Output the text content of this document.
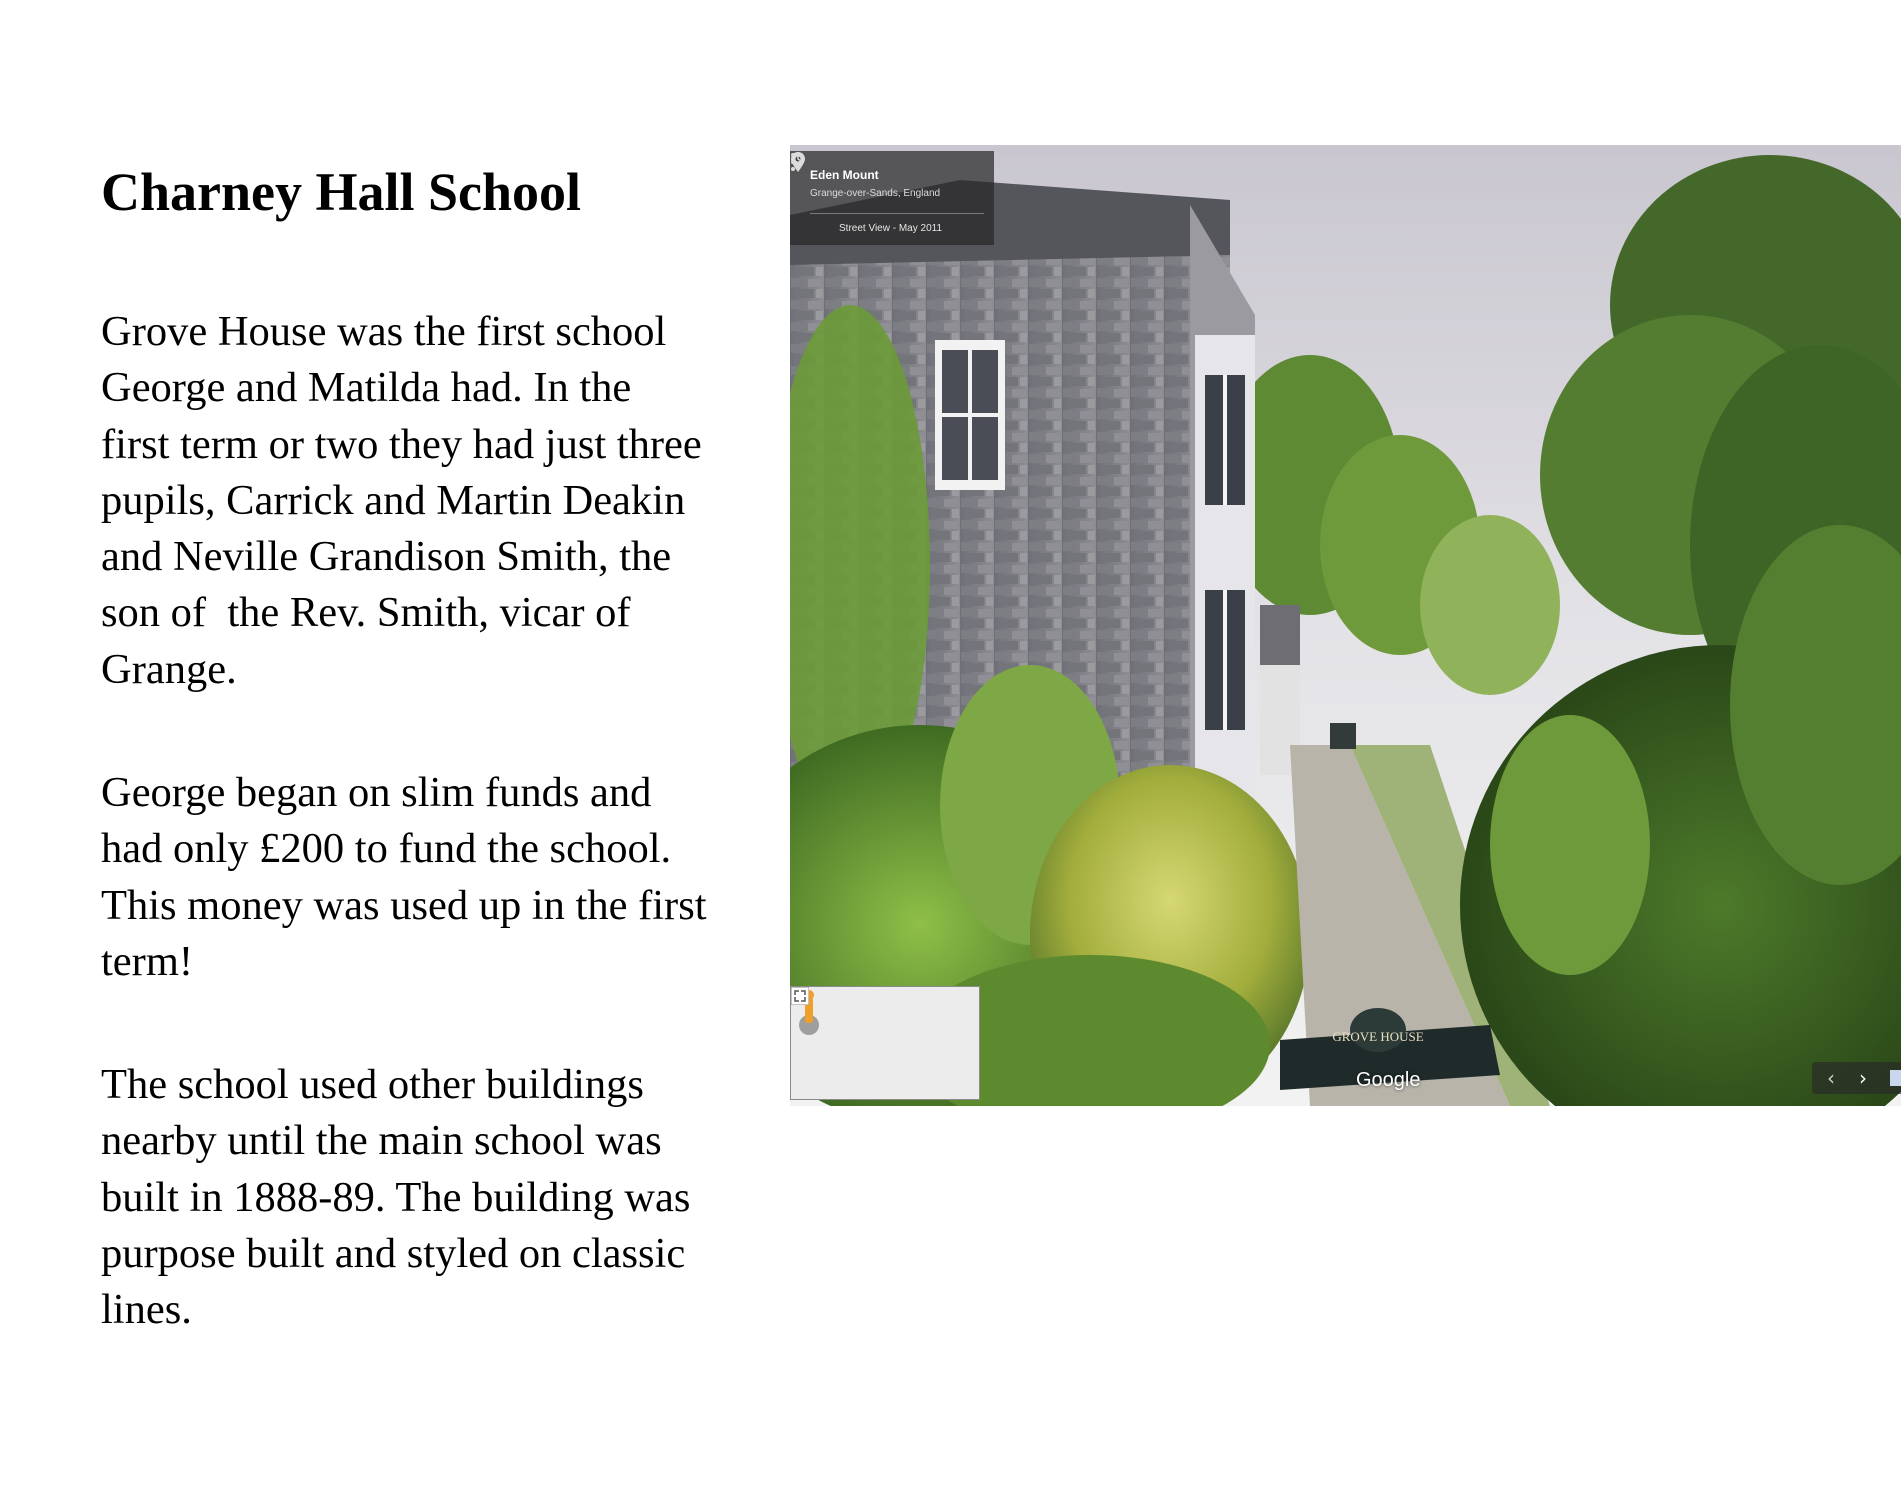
Charney Hall School
Grove House was the first school
George and Matilda had. In the
first term or two they had just three
pupils, Carrick and Martin Deakin
and Neville Grandison Smith, the
son of  the Rev. Smith, vicar of
Grange.
George began on slim funds and
had only £200 to fund the school.
This money was used up in the first
term!
The school used other buildings
nearby until the main school was
built in 1888-89. The building was
purpose built and styled on classic
lines.
GROVE HOUSE
Eden Mount
Grange-over-Sands, England
Street View - May 2011
Google	‹	›
